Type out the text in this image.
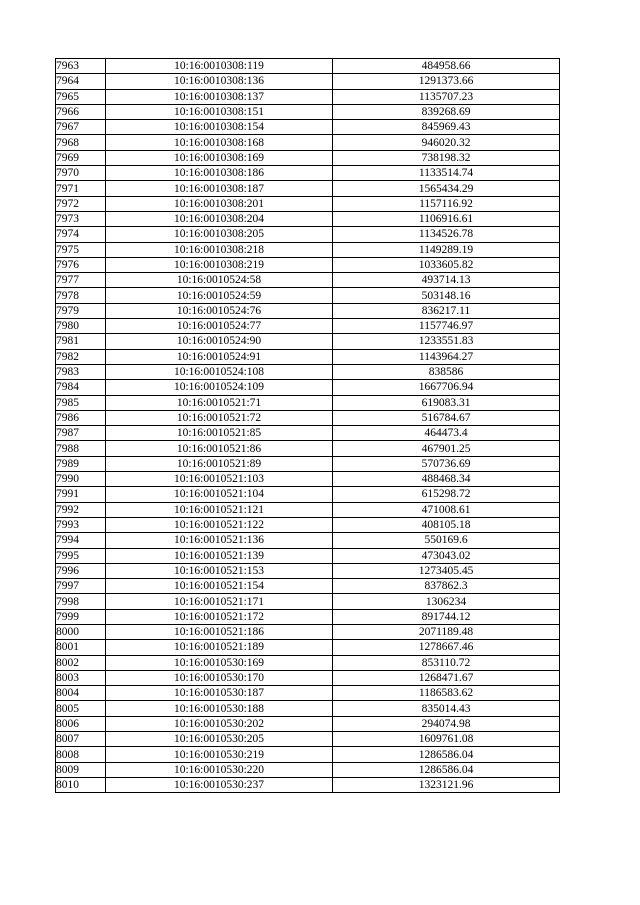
7963	10:16:0010308:119	484958.66
7964	10:16:0010308:136	1291373.66
7965	10:16:0010308:137	1135707.23
7966	10:16:0010308:151	839268.69
7967	10:16:0010308:154	845969.43
7968	10:16:0010308:168	946020.32
7969	10:16:0010308:169	738198.32
7970	10:16:0010308:186	1133514.74
7971	10:16:0010308:187	1565434.29
7972	10:16:0010308:201	1157116.92
7973	10:16:0010308:204	1106916.61
7974	10:16:0010308:205	1134526.78
7975	10:16:0010308:218	1149289.19
7976	10:16:0010308:219	1033605.82
7977	10:16:0010524:58	493714.13
7978	10:16:0010524:59	503148.16
7979	10:16:0010524:76	836217.11
7980	10:16:0010524:77	1157746.97
7981	10:16:0010524:90	1233551.83
7982	10:16:0010524:91	1143964.27
7983	10:16:0010524:108	838586
7984	10:16:0010524:109	1667706.94
7985	10:16:0010521:71	619083.31
7986	10:16:0010521:72	516784.67
7987	10:16:0010521:85	464473.4
7988	10:16:0010521:86	467901.25
7989	10:16:0010521:89	570736.69
7990	10:16:0010521:103	488468.34
7991	10:16:0010521:104	615298.72
7992	10:16:0010521:121	471008.61
7993	10:16:0010521:122	408105.18
7994	10:16:0010521:136	550169.6
7995	10:16:0010521:139	473043.02
7996	10:16:0010521:153	1273405.45
7997	10:16:0010521:154	837862.3
7998	10:16:0010521:171	1306234
7999	10:16:0010521:172	891744.12
8000	10:16:0010521:186	2071189.48
8001	10:16:0010521:189	1278667.46
8002	10:16:0010530:169	853110.72
8003	10:16:0010530:170	1268471.67
8004	10:16:0010530:187	1186583.62
8005	10:16:0010530:188	835014.43
8006	10:16:0010530:202	294074.98
8007	10:16:0010530:205	1609761.08
8008	10:16:0010530:219	1286586.04
8009	10:16:0010530:220	1286586.04
8010	10:16:0010530:237	1323121.96
